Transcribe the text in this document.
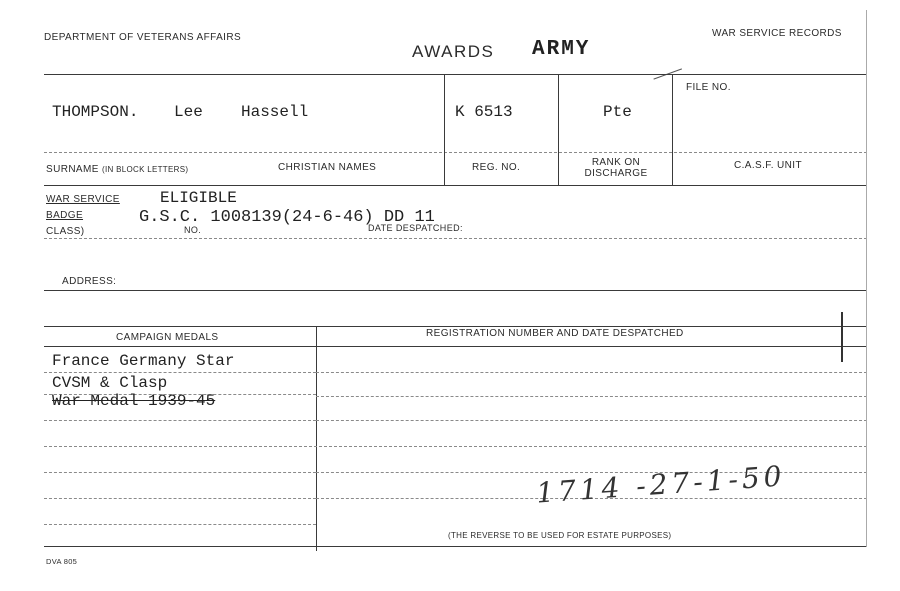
DEPARTMENT OF VETERANS AFFAIRS
AWARDS ARMY
WAR SERVICE RECORDS
FILE NO.
THOMPSON. Lee Hassell	K 6513	Pte
SURNAME (IN BLOCK LETTERS)	CHRISTIAN NAMES	REG. NO.	RANK ON
DISCHARGE
C.A.S.F. UNIT
WAR SERVICE
BADGE
CLASS)
ELIGIBLE
G.S.C. 1008139(24-6-46) DD 11
NO.	DATE DESPATCHED:
ADDRESS:
CAMPAIGN MEDALS	REGISTRATION NUMBER AND DATE DESPATCHED
France Germany Star
CVSM & Clasp
War Medal 1939-45
1714 -27-1-50
(THE REVERSE TO BE USED FOR ESTATE PURPOSES)
DVA 805
